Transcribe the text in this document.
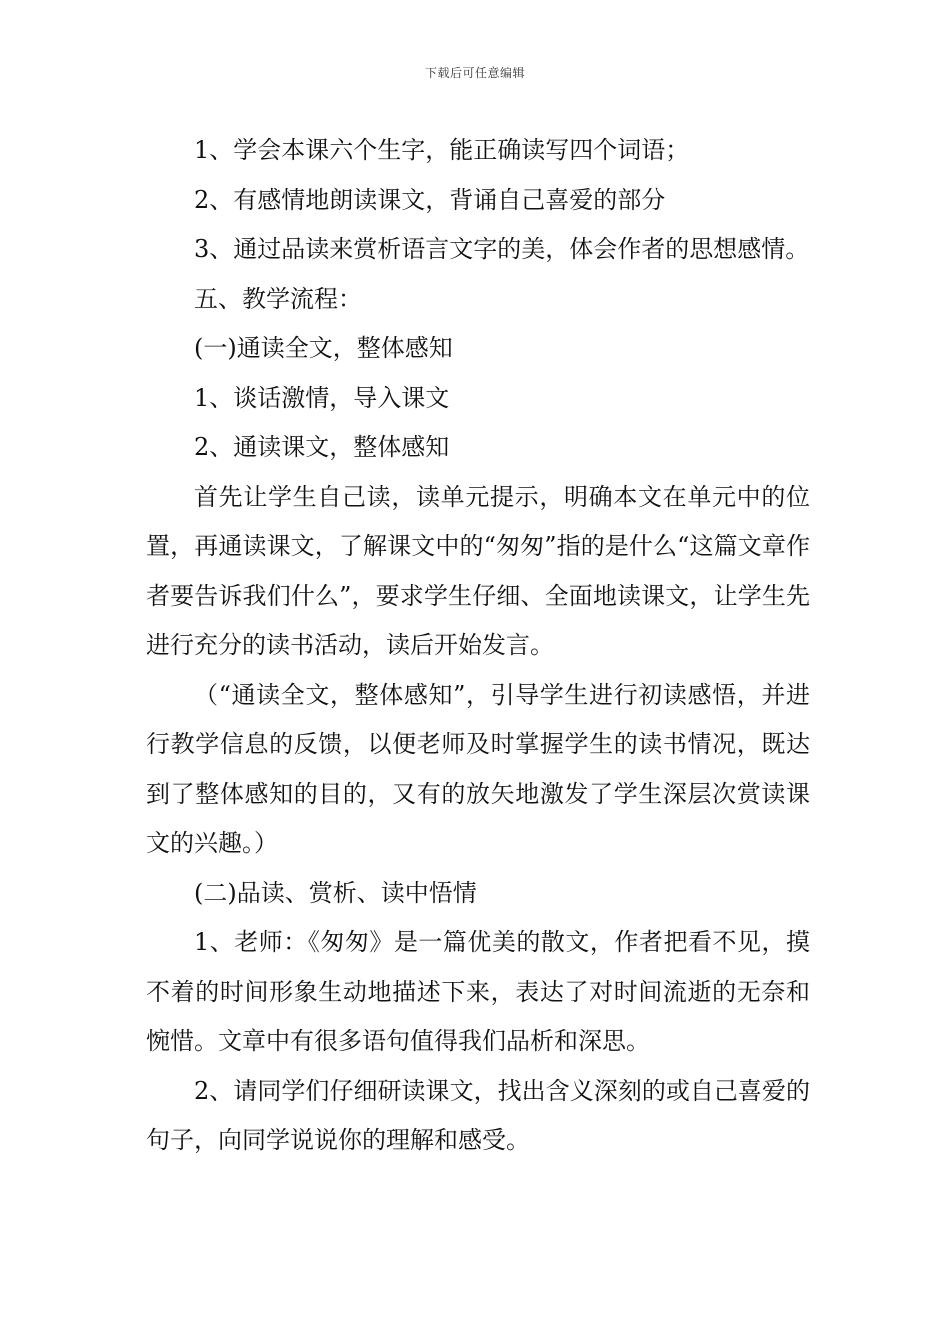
下载后可任意编辑

1、学会本课六个生字，能正确读写四个词语；

2、有感情地朗读课文，背诵自己喜爱的部分

3、通过品读来赏析语言文字的美，体会作者的思想感情。

五、教学流程：

(一)通读全文，整体感知

1、谈话激情，导入课文

2、通读课文，整体感知

首先让学生自己读，读单元提示，明确本文在单元中的位置，再通读课文，了解课文中的“匆匆”指的是什么“这篇文章作者要告诉我们什么”，要求学生仔细、全面地读课文，让学生先进行充分的读书活动，读后开始发言。

（“通读全文，整体感知”，引导学生进行初读感悟，并进行教学信息的反馈，以便老师及时掌握学生的读书情况，既达到了整体感知的目的，又有的放矢地激发了学生深层次赏读课文的兴趣。）

(二)品读、赏析、读中悟情

1、老师：《匆匆》是一篇优美的散文，作者把看不见，摸不着的时间形象生动地描述下来，表达了对时间流逝的无奈和惋惜。文章中有很多语句值得我们品析和深思。

2、请同学们仔细研读课文，找出含义深刻的或自己喜爱的句子，向同学说说你的理解和感受。
